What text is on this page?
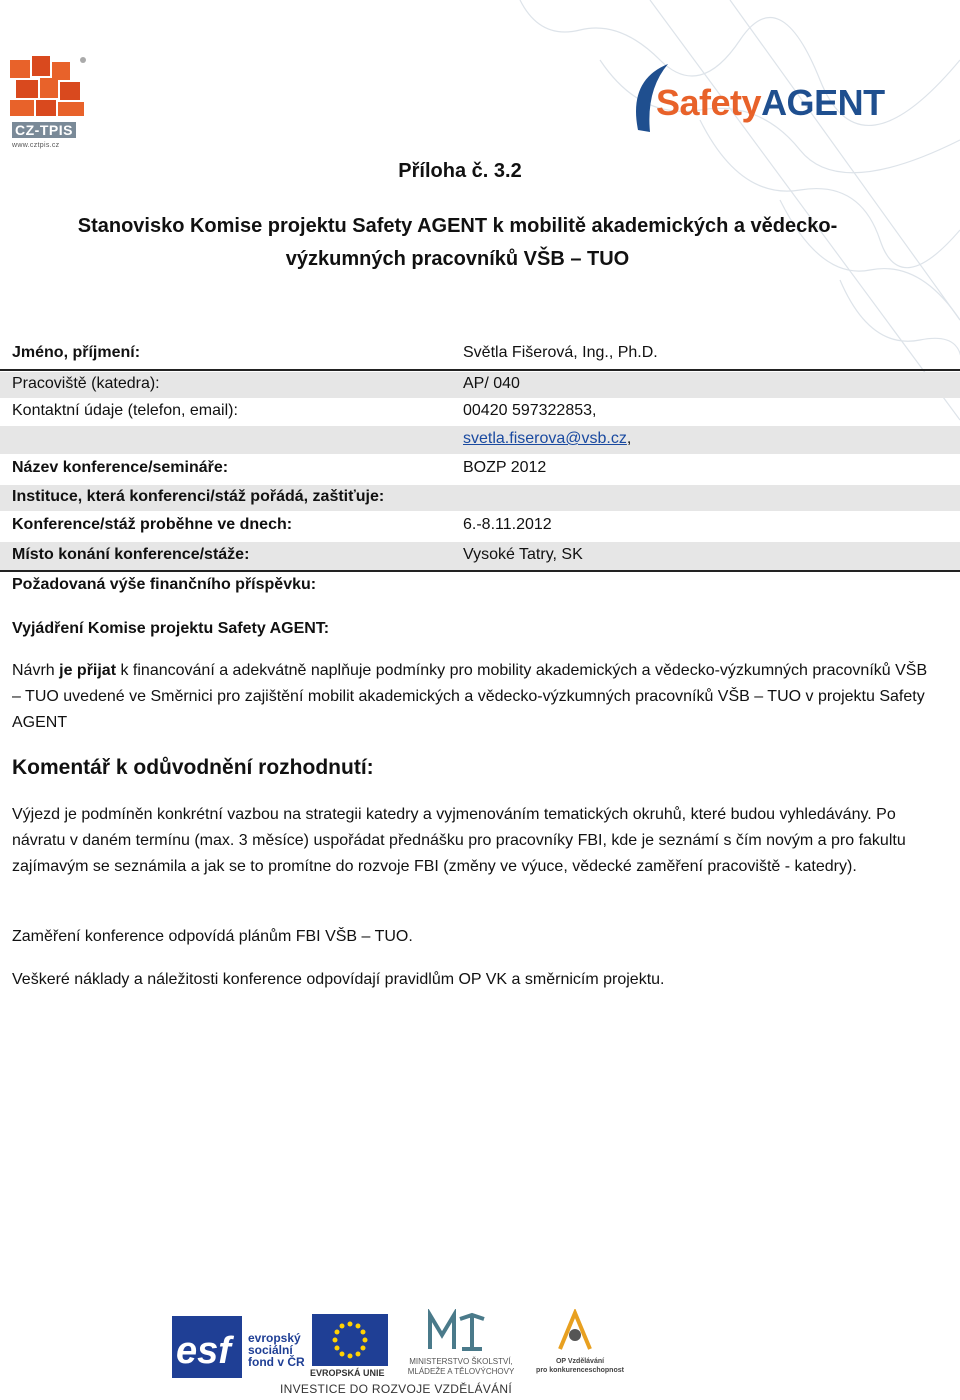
CZ-TPIS
www.cztpis.cz
SafetyAGENT
Příloha č. 3.2
Stanovisko Komise projektu Safety AGENT k mobilitě akademických a vědecko-
výzkumných pracovníků VŠB – TUO
Jméno, příjmení:	Světla Fišerová, Ing., Ph.D.
Pracoviště (katedra):	AP/ 040
Kontaktní údaje (telefon, email):	00420 597322853,
svetla.fiserova@vsb.cz,
Název konference/semináře:	BOZP 2012
Instituce, která konferenci/stáž pořádá, zaštiťuje:
Konference/stáž proběhne ve dnech:	6.-8.11.2012
Místo konání konference/stáže:	Vysoké Tatry, SK
Požadovaná výše finančního příspěvku:
Vyjádření Komise projektu Safety AGENT:
Návrh je přijat k financování a adekvátně naplňuje podmínky pro mobility akademických a vědecko-výzkumných pracovníků VŠB – TUO uvedené ve Směrnici pro zajištění mobilit akademických a vědecko-výzkumných pracovníků VŠB – TUO v projektu Safety AGENT
Komentář k odůvodnění rozhodnutí:
Výjezd je podmíněn konkrétní vazbou na strategii katedry a vyjmenováním tematických okruhů, které budou vyhledávány. Po návratu v daném termínu (max. 3 měsíce) uspořádat přednášku pro pracovníky FBI, kde je seznámí s čím novým a pro fakultu zajímavým se seznámila a jak se to promítne do rozvoje FBI (změny ve výuce, vědecké zaměření pracoviště - katedry).
Zaměření konference odpovídá plánům FBI VŠB – TUO.
Veškeré náklady a náležitosti konference odpovídají pravidlům OP VK a směrnicím projektu.
esf evropský
sociální
fond v ČR
EVROPSKÁ UNIE
MINISTERSTVO ŠKOLSTVÍ,
MLÁDEŽE A TĚLOVÝCHOVY
OP Vzdělávání
pro konkurenceschopnost
INVESTICE DO ROZVOJE VZDĚLÁVÁNÍ
